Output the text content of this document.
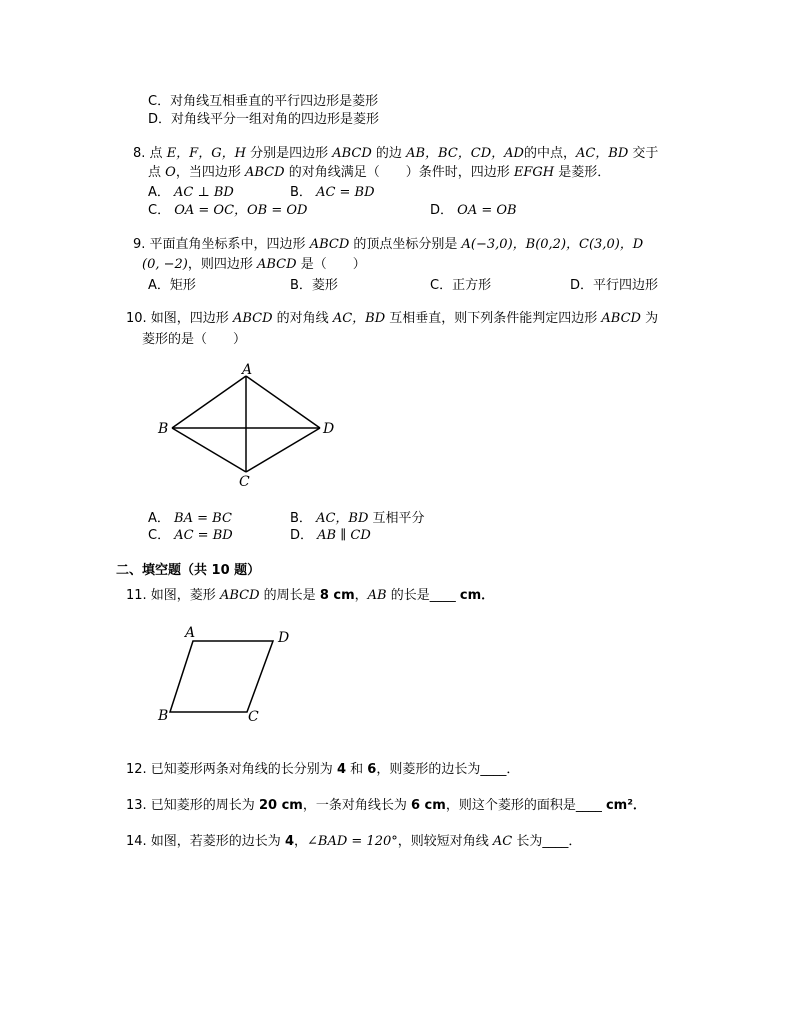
C．对角线互相垂直的平行四边形是菱形
D．对角线平分一组对角的四边形是菱形
8. 点 E，F，G，H 分别是四边形 ABCD 的边 AB，BC，CD，AD的中点，AC，BD 交于
点 O，当四边形 ABCD 的对角线满足（　　）条件时，四边形 EFGH 是菱形．
A． AC ⊥ BD	B． AC = BD
C． OA = OC，OB = OD	D． OA = OB
9. 平面直角坐标系中，四边形 ABCD 的顶点坐标分别是 A(−3,0)，B(0,2)，C(3,0)，D
(0, −2)，则四边形 ABCD 是（　　）
A．矩形	B．菱形	C．正方形	D．平行四边形
10. 如图，四边形 ABCD 的对角线 AC，BD 互相垂直，则下列条件能判定四边形 ABCD 为
菱形的是（　　）
A
B
C
D
A． BA = BC	B． AC，BD 互相平分
C． AC = BD	D． AB ∥ CD
二、填空题（共 10 题）
11. 如图，菱形 ABCD 的周长是 8 cm，AB 的长是____ cm．
A	D
B	C
12. 已知菱形两条对角线的长分别为 4 和 6，则菱形的边长为____．
13. 已知菱形的周长为 20 cm，一条对角线长为 6 cm，则这个菱形的面积是____ cm²．
14. 如图，若菱形的边长为 4，∠BAD = 120°，则较短对角线 AC 长为____．
